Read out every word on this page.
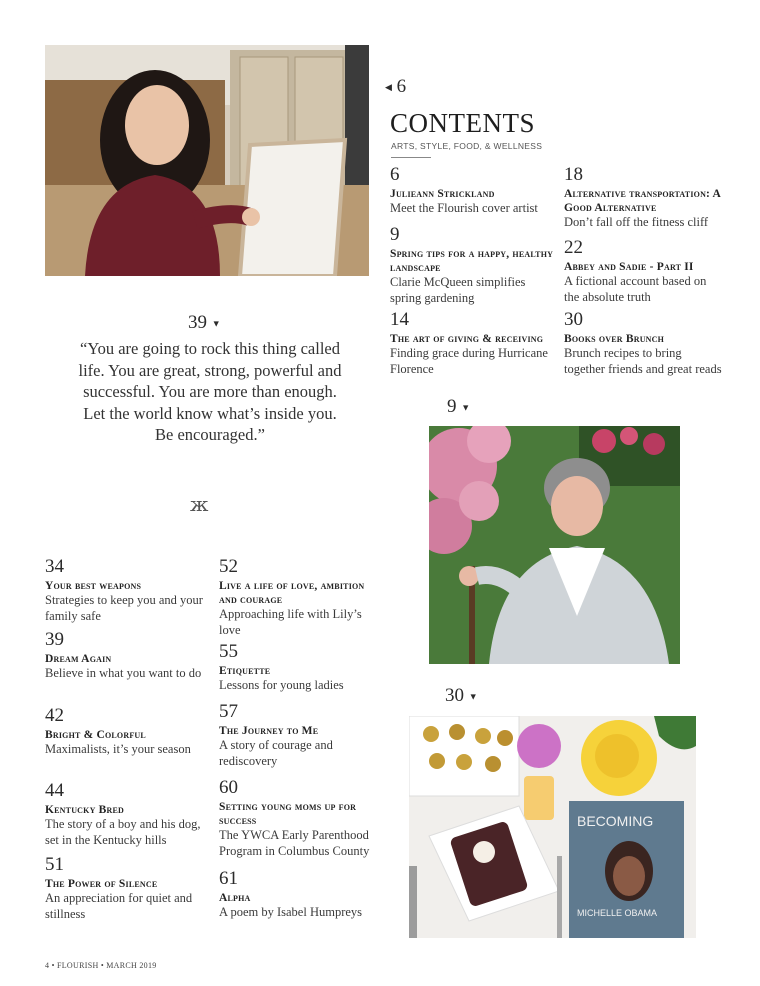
◀ 6
CONTENTS
ARTS, STYLE, FOOD, & WELLNESS
6
Julieann Strickland
Meet the Flourish cover artist
9
Spring tips for a happy, healthy landscape
Clarie McQueen simplifies spring gardening
14
The art of giving & receiving
Finding grace during Hurricane Florence
18
Alternative transportation: A Good Alternative
Don’t fall off the fitness cliff
22
Abbey and Sadie - Part II
A fictional account based on the absolute truth
30
Books over Brunch
Brunch recipes to bring together friends and great reads
39 ▼
“You are going to rock this thing called life. You are great, strong, powerful and successful. You are more than enough. Let the world know what’s inside you. Be encouraged.”
ж
34
Your best weapons
Strategies to keep you and your family safe
39
Dream Again
Believe in what you want to do
42
Bright & Colorful
Maximalists, it’s your season
44
Kentucky Bred
The story of a boy and his dog, set in the Kentucky hills
51
The Power of Silence
An appreciation for quiet and stillness
52
Live a life of love, ambition and courage
Approaching life with Lily’s love
55
Etiquette
Lessons for young ladies
57
The Journey to Me
A story of courage and rediscovery
60
Setting young moms up for success
The YWCA Early Parenthood Program in Columbus County
61
Alpha
A poem by Isabel Humpreys
9 ▼
30 ▼
BECOMING
MICHELLE OBAMA
4 • FLOURISH • MARCH 2019
